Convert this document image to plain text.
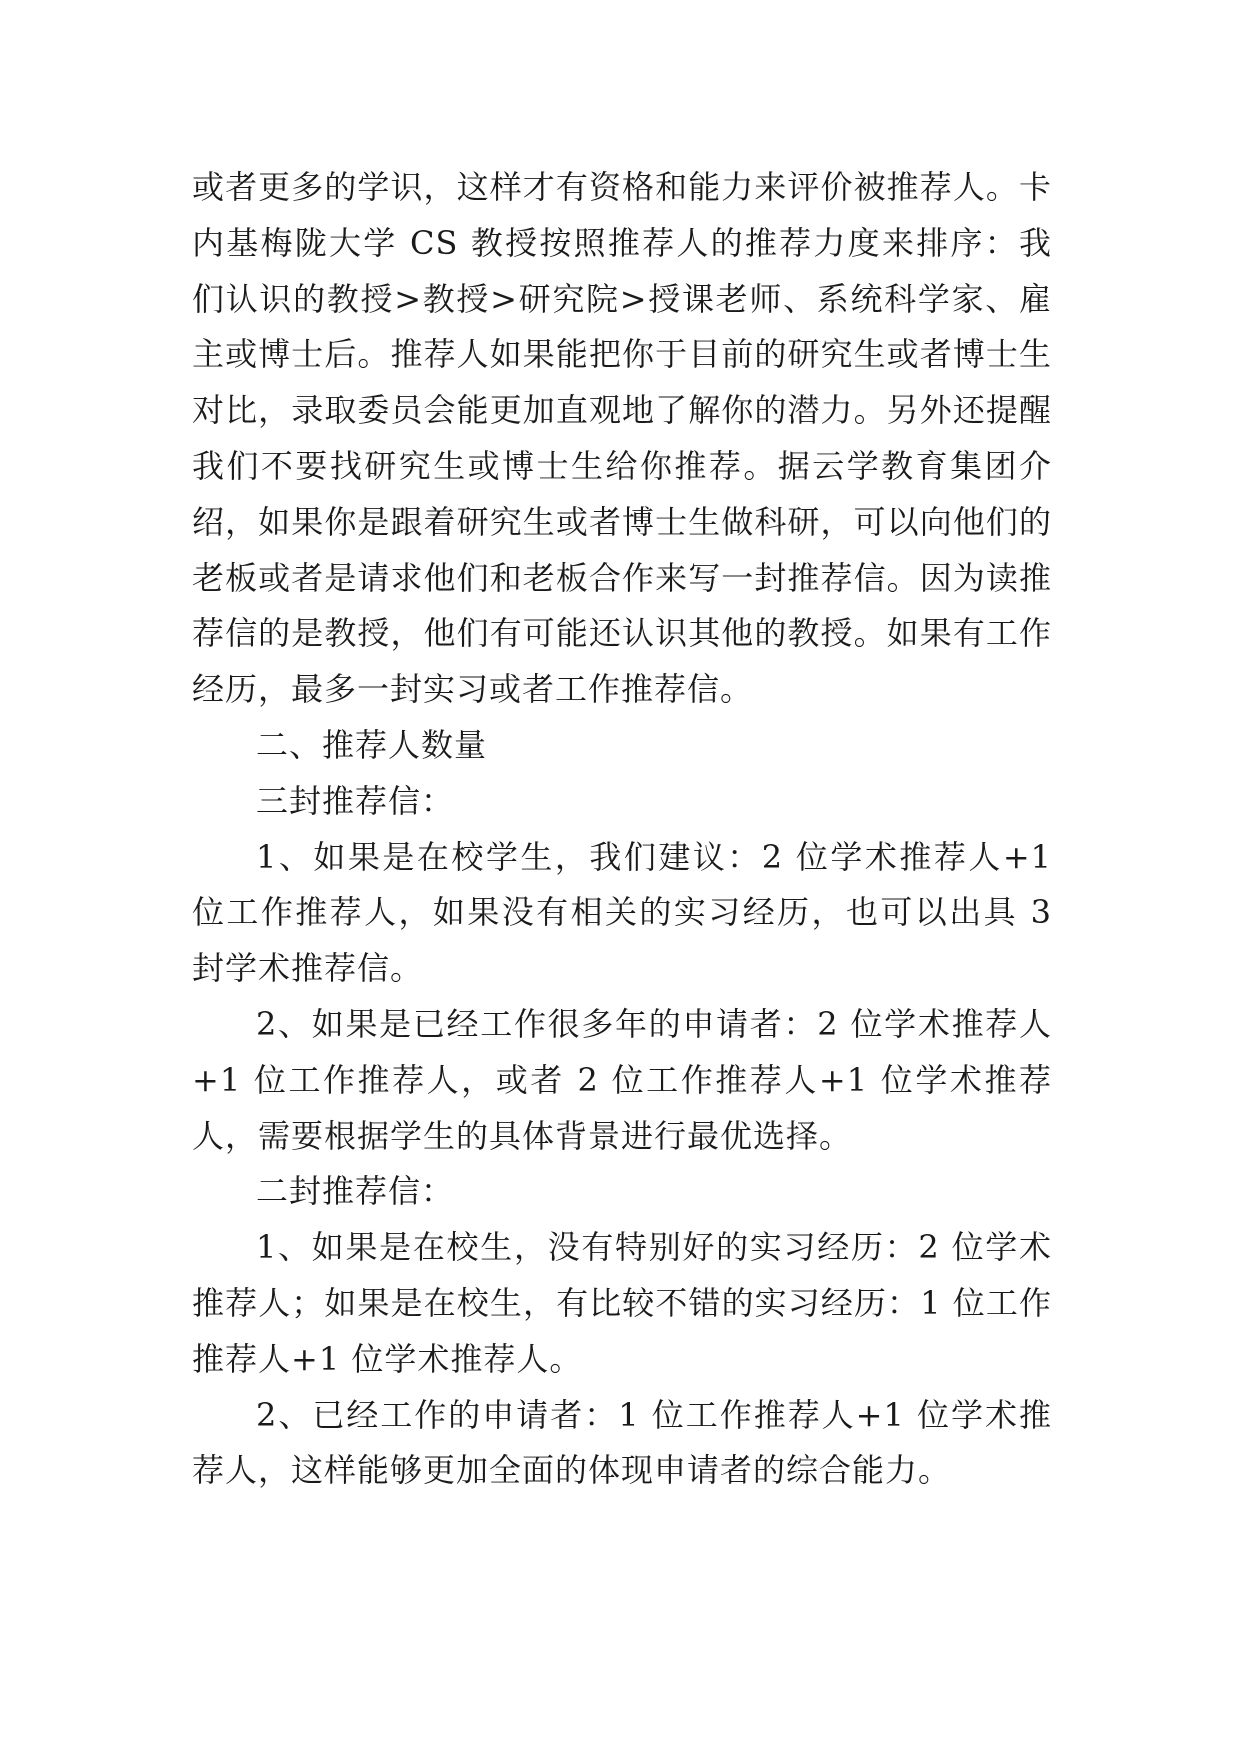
或者更多的学识，这样才有资格和能力来评价被推荐人。卡内基梅陇大学 CS 教授按照推荐人的推荐力度来排序：我们认识的教授>教授>研究院>授课老师、系统科学家、雇主或博士后。推荐人如果能把你于目前的研究生或者博士生对比，录取委员会能更加直观地了解你的潜力。另外还提醒我们不要找研究生或博士生给你推荐。据云学教育集团介绍，如果你是跟着研究生或者博士生做科研，可以向他们的老板或者是请求他们和老板合作来写一封推荐信。因为读推荐信的是教授，他们有可能还认识其他的教授。如果有工作经历，最多一封实习或者工作推荐信。

二、推荐人数量

三封推荐信：

1、如果是在校学生，我们建议：2 位学术推荐人+1 位工作推荐人，如果没有相关的实习经历，也可以出具 3 封学术推荐信。

2、如果是已经工作很多年的申请者：2 位学术推荐人+1 位工作推荐人，或者 2 位工作推荐人+1 位学术推荐人，需要根据学生的具体背景进行最优选择。

二封推荐信：

1、如果是在校生，没有特别好的实习经历：2 位学术推荐人；如果是在校生，有比较不错的实习经历：1 位工作推荐人+1 位学术推荐人。

2、已经工作的申请者：1 位工作推荐人+1 位学术推荐人，这样能够更加全面的体现申请者的综合能力。
